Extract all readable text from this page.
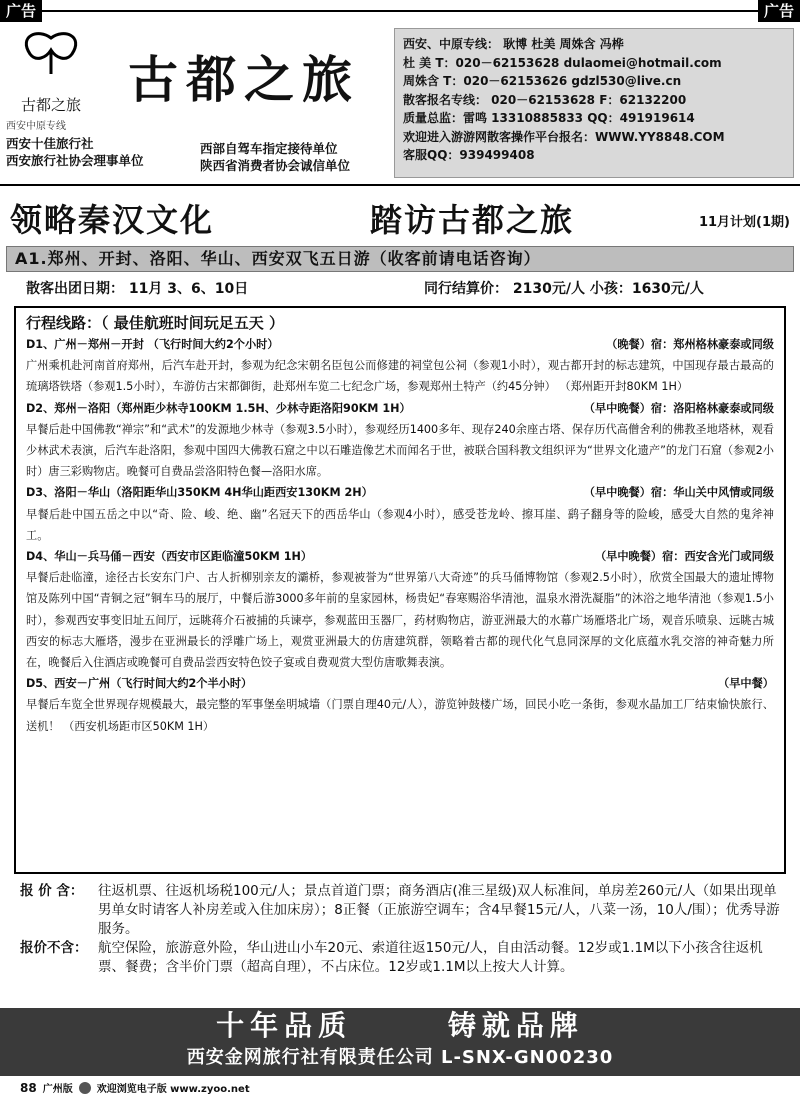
广告	广告
古都之旅 古都之旅
西安中原专线
西安十佳旅行社
西安旅行社协会理事单位
西部自驾车指定接待单位
陕西省消费者协会诚信单位
西安、中原专线： 耿博 杜美 周姝含 冯桦
杜 美 T：020－62153628 dulaomei@hotmail.com
周姝含 T：020－62153626 gdzl530@live.cn
散客报名专线： 020－62153628 F：62132200
质量总监：雷鸣 13310885833 QQ：491919614
欢迎进入游游网散客操作平台报名：WWW.YY8848.COM
客服QQ：939499408
领略秦汉文化	踏访古都之旅	11月计划(1期)
A1.郑州、开封、洛阳、华山、西安双飞五日游（收客前请电话咨询）
散客出团日期： 11月 3、6、10日	同行结算价： 2130元/人 小孩：1630元/人
行程线路：（ 最佳航班时间玩足五天 ）
D1、广州－郑州－开封 （飞行时间大约2个小时）	（晚餐）宿：郑州格林豪泰或同级

广州乘机赴河南首府郑州，后汽车赴开封，参观为纪念宋朝名臣包公而修建的祠堂包公祠（参观1小时），观古都开封的标志建筑，中国现存最古最高的琉璃塔铁塔（参观1.5小时），车游仿古宋都御街，赴郑州车览二七纪念广场，参观郑州土特产（约45分钟） （郑州距开封80KM 1H）

D2、郑州－洛阳（郑州距少林寺100KM 1.5H、少林寺距洛阳90KM 1H）	（早中晚餐）宿：洛阳格林豪泰或同级

早餐后赴中国佛教“禅宗”和“武术”的发源地少林寺（参观3.5小时），参观经历1400多年、现存240余座古塔、保存历代高僧舍利的佛教圣地塔林，观看少林武术表演，后汽车赴洛阳，参观中国四大佛教石窟之中以石雕造像艺术而闻名于世，被联合国科教文组织评为“世界文化遗产”的龙门石窟（参观2小时）唐三彩购物店。晚餐可自费品尝洛阳特色餐—洛阳水席。

D3、洛阳－华山（洛阳距华山350KM 4H华山距西安130KM 2H）	（早中晚餐）宿：华山关中风情或同级

早餐后赴中国五岳之中以“奇、险、峻、绝、幽”名冠天下的西岳华山（参观4小时），感受苍龙岭、擦耳崖、鹞子翻身等的险峻，感受大自然的鬼斧神工。

D4、华山－兵马俑－西安（西安市区距临潼50KM 1H）	（早中晚餐）宿：西安含光门或同级

早餐后赴临潼，途径古长安东门户、古人折柳别亲友的灞桥，参观被誉为“世界第八大奇迹”的兵马俑博物馆（参观2.5小时），欣赏全国最大的遗址博物馆及陈列中国“青铜之冠”铜车马的展厅，中餐后游3000多年前的皇家园林，杨贵妃“春寒赐浴华清池，温泉水滑洗凝脂”的沐浴之地华清池（参观1.5小时），参观西安事变旧址五间厅，远眺蒋介石被捕的兵谏亭，参观蓝田玉器厂，药材购物店，游亚洲最大的水幕广场雁塔北广场，观音乐喷泉、远眺古城西安的标志大雁塔，漫步在亚洲最长的浮雕广场上，观赏亚洲最大的仿唐建筑群，领略着古都的现代化气息同深厚的文化底蕴水乳交溶的神奇魅力所在，晚餐后入住酒店或晚餐可自费品尝西安特色饺子宴或自费观赏大型仿唐歌舞表演。

D5、西安－广州（飞行时间大约2个半小时）	（早中餐）

早餐后车览全世界现存规模最大，最完整的军事堡垒明城墙（门票自理40元/人），游览钟鼓楼广场，回民小吃一条街，参观水晶加工厂结束愉快旅行、送机！ （西安机场距市区50KM 1H）

报 价 含：	往返机票、往返机场税100元/人；景点首道门票；商务酒店(准三星级)双人标准间，单房差260元/人（如果出现单男单女时请客人补房差或入住加床房）；8正餐（正旅游空调车；含4早餐15元/人，八菜一汤，10人/围）；优秀导游服务。
报价不含： 航空保险，旅游意外险，华山进山小车20元、索道往返150元/人，自由活动餐。12岁或1.1M以下小孩含往返机票、餐费；含半价门票（超高自理），不占床位。12岁或1.1M以上按大人计算。
十年品质	铸就品牌
西安金网旅行社有限责任公司 L-SNX-GN00230
88 广州版 欢迎浏览电子版 www.zyoo.net
